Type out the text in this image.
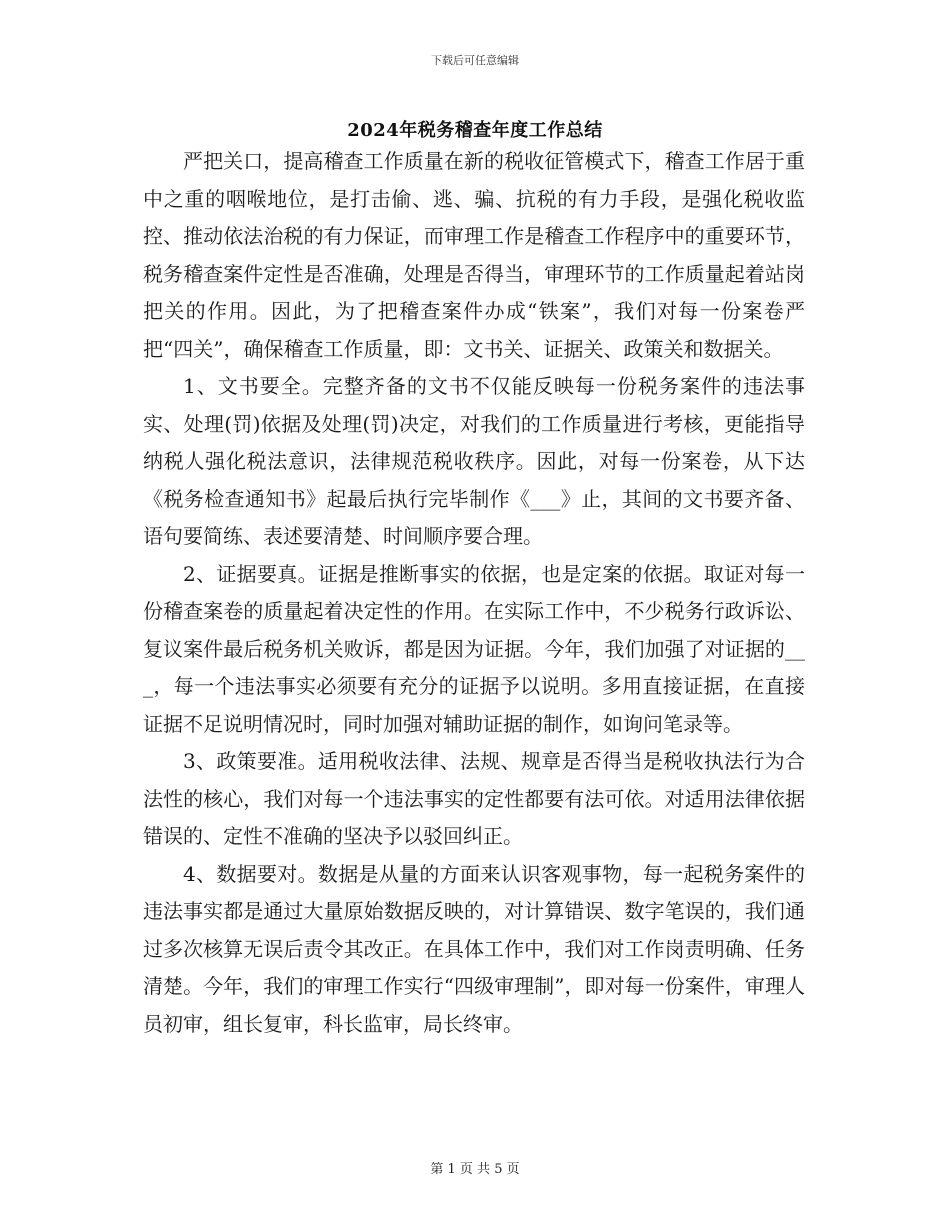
下载后可任意编辑
2024年税务稽查年度工作总结

严把关口，提高稽查工作质量在新的税收征管模式下，稽查工作居于重中之重的咽喉地位，是打击偷、逃、骗、抗税的有力手段，是强化税收监控、推动依法治税的有力保证，而审理工作是稽查工作程序中的重要环节，税务稽查案件定性是否准确，处理是否得当，审理环节的工作质量起着站岗把关的作用。因此，为了把稽查案件办成“铁案”，我们对每一份案卷严把“四关”，确保稽查工作质量，即：文书关、证据关、政策关和数据关。

1、文书要全。完整齐备的文书不仅能反映每一份税务案件的违法事实、处理(罚)依据及处理(罚)决定，对我们的工作质量进行考核，更能指导纳税人强化税法意识，法律规范税收秩序。因此，对每一份案卷，从下达《税务检查通知书》起最后执行完毕制作《___》止，其间的文书要齐备、语句要简练、表述要清楚、时间顺序要合理。

2、证据要真。证据是推断事实的依据，也是定案的依据。取证对每一份稽查案卷的质量起着决定性的作用。在实际工作中，不少税务行政诉讼、复议案件最后税务机关败诉，都是因为证据。今年，我们加强了对证据的___，每一个违法事实必须要有充分的证据予以说明。多用直接证据，在直接证据不足说明情况时，同时加强对辅助证据的制作，如询问笔录等。

3、政策要准。适用税收法律、法规、规章是否得当是税收执法行为合法性的核心，我们对每一个违法事实的定性都要有法可依。对适用法律依据错误的、定性不准确的坚决予以驳回纠正。

4、数据要对。数据是从量的方面来认识客观事物，每一起税务案件的违法事实都是通过大量原始数据反映的，对计算错误、数字笔误的，我们通过多次核算无误后责令其改正。在具体工作中，我们对工作岗责明确、任务清楚。今年，我们的审理工作实行“四级审理制”，即对每一份案件，审理人员初审，组长复审，科长监审，局长终审。

第 1 页 共 5 页
